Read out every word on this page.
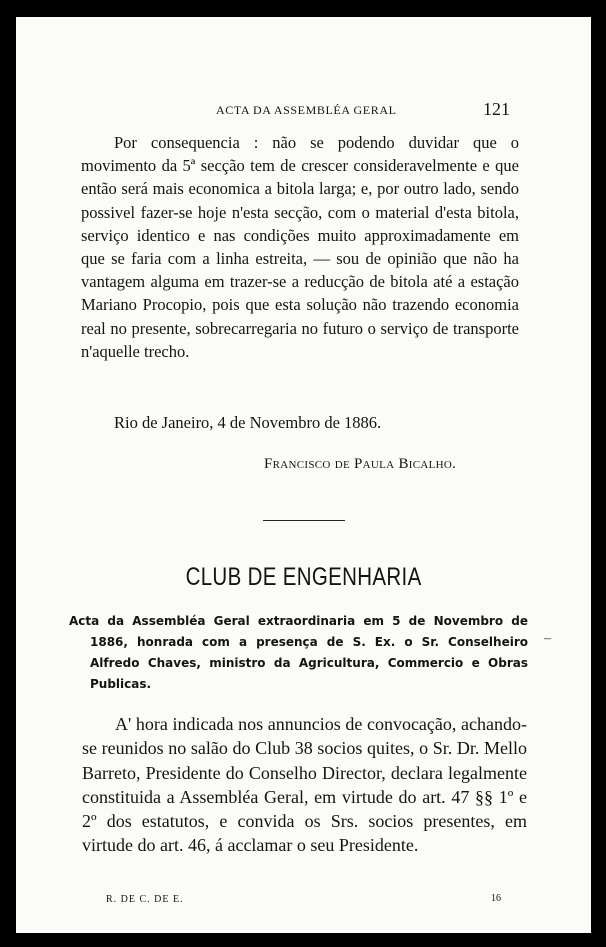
ACTA DA ASSEMBLÉA GERAL	121

Por consequencia : não se podendo duvidar que o movimento da 5ª secção tem de crescer consideravelmente e que então será mais economica a bitola larga; e, por outro lado, sendo possivel fazer-se hoje n'esta secção, com o material d'esta bitola, serviço identico e nas condições muito approximadamente em que se faria com a linha estreita, — sou de opinião que não ha vantagem alguma em trazer-se a reducção de bitola até a estação Mariano Procopio, pois que esta solução não trazendo economia real no presente, sobrecarregaria no futuro o serviço de transporte n'aquelle trecho.

Rio de Janeiro, 4 de Novembro de 1886.
Francisco de Paula Bicalho.
CLUB DE ENGENHARIA

Acta da Assembléa Geral extraordinaria em 5 de Novembro de 1886, honrada com a presença de S. Ex. o Sr. Conselheiro Alfredo Chaves, ministro da Agricultura, Commercio e Obras Publicas.

A' hora indicada nos annuncios de convocação, achando-se reunidos no salão do Club 38 socios quites, o Sr. Dr. Mello Barreto, Presidente do Conselho Director, declara legalmente constituida a Assembléa Geral, em virtude do art. 47 §§ 1º e 2º dos estatutos, e convida os Srs. socios presentes, em virtude do art. 46, á acclamar o seu Presidente.

R. DE C. DE E.	16
–
